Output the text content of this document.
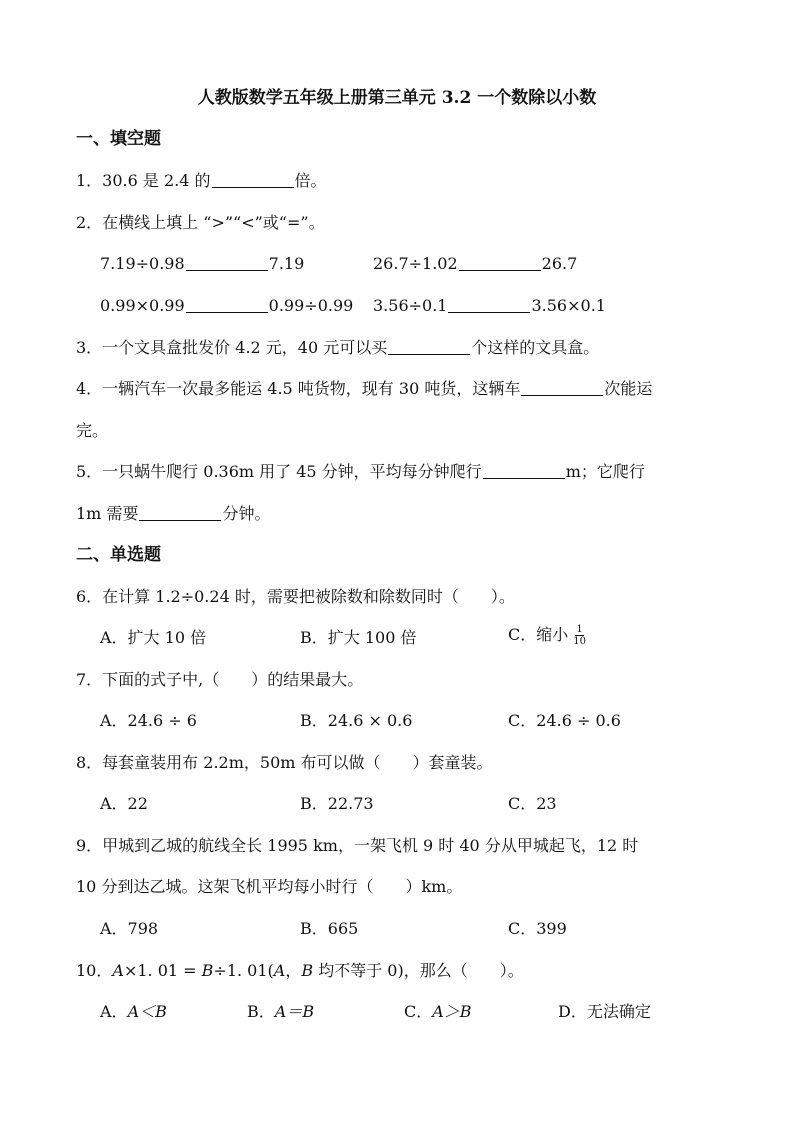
人教版数学五年级上册第三单元 3.2 一个数除以小数
一、填空题
1．30.6 是 2.4 的	倍。
2．在横线上填上 “>”“<”或“=”。
7.19÷0.98	7.19	26.7÷1.02	26.7
0.99×0.99	0.99÷0.99 3.56÷0.1	3.56×0.1
3．一个文具盒批发价 4.2 元，40 元可以买	个这样的文具盒。
4．一辆汽车一次最多能运 4.5 吨货物，现有 30 吨货，这辆车	次能运
完。
5．一只蜗牛爬行 0.36m 用了 45 分钟，平均每分钟爬行	m；它爬行
1m 需要	分钟。
二、单选题
6．在计算 1.2÷0.24 时，需要把被除数和除数同时（　　）。
A．扩大 10 倍	B．扩大 100 倍	C．缩小 $\frac{1}{10}$
7．下面的式子中,（　　）的结果最大。
A．24.6 ÷ 6	B．24.6 × 0.6	C．24.6 ÷ 0.6
8．每套童装用布 2.2m，50m 布可以做（　　）套童装。
A．22	B．22.73	C．23
9．甲城到乙城的航线全长 1995 km，一架飞机 9 时 40 分从甲城起飞，12 时
10 分到达乙城。这架飞机平均每小时行（　　）km。
A．798	B．665	C．399
10．A×1. 01 = B÷1. 01(A，B 均不等于 0)，那么（　　）。
A．A＜B	B．A＝B	C．A＞B	D．无法确定
